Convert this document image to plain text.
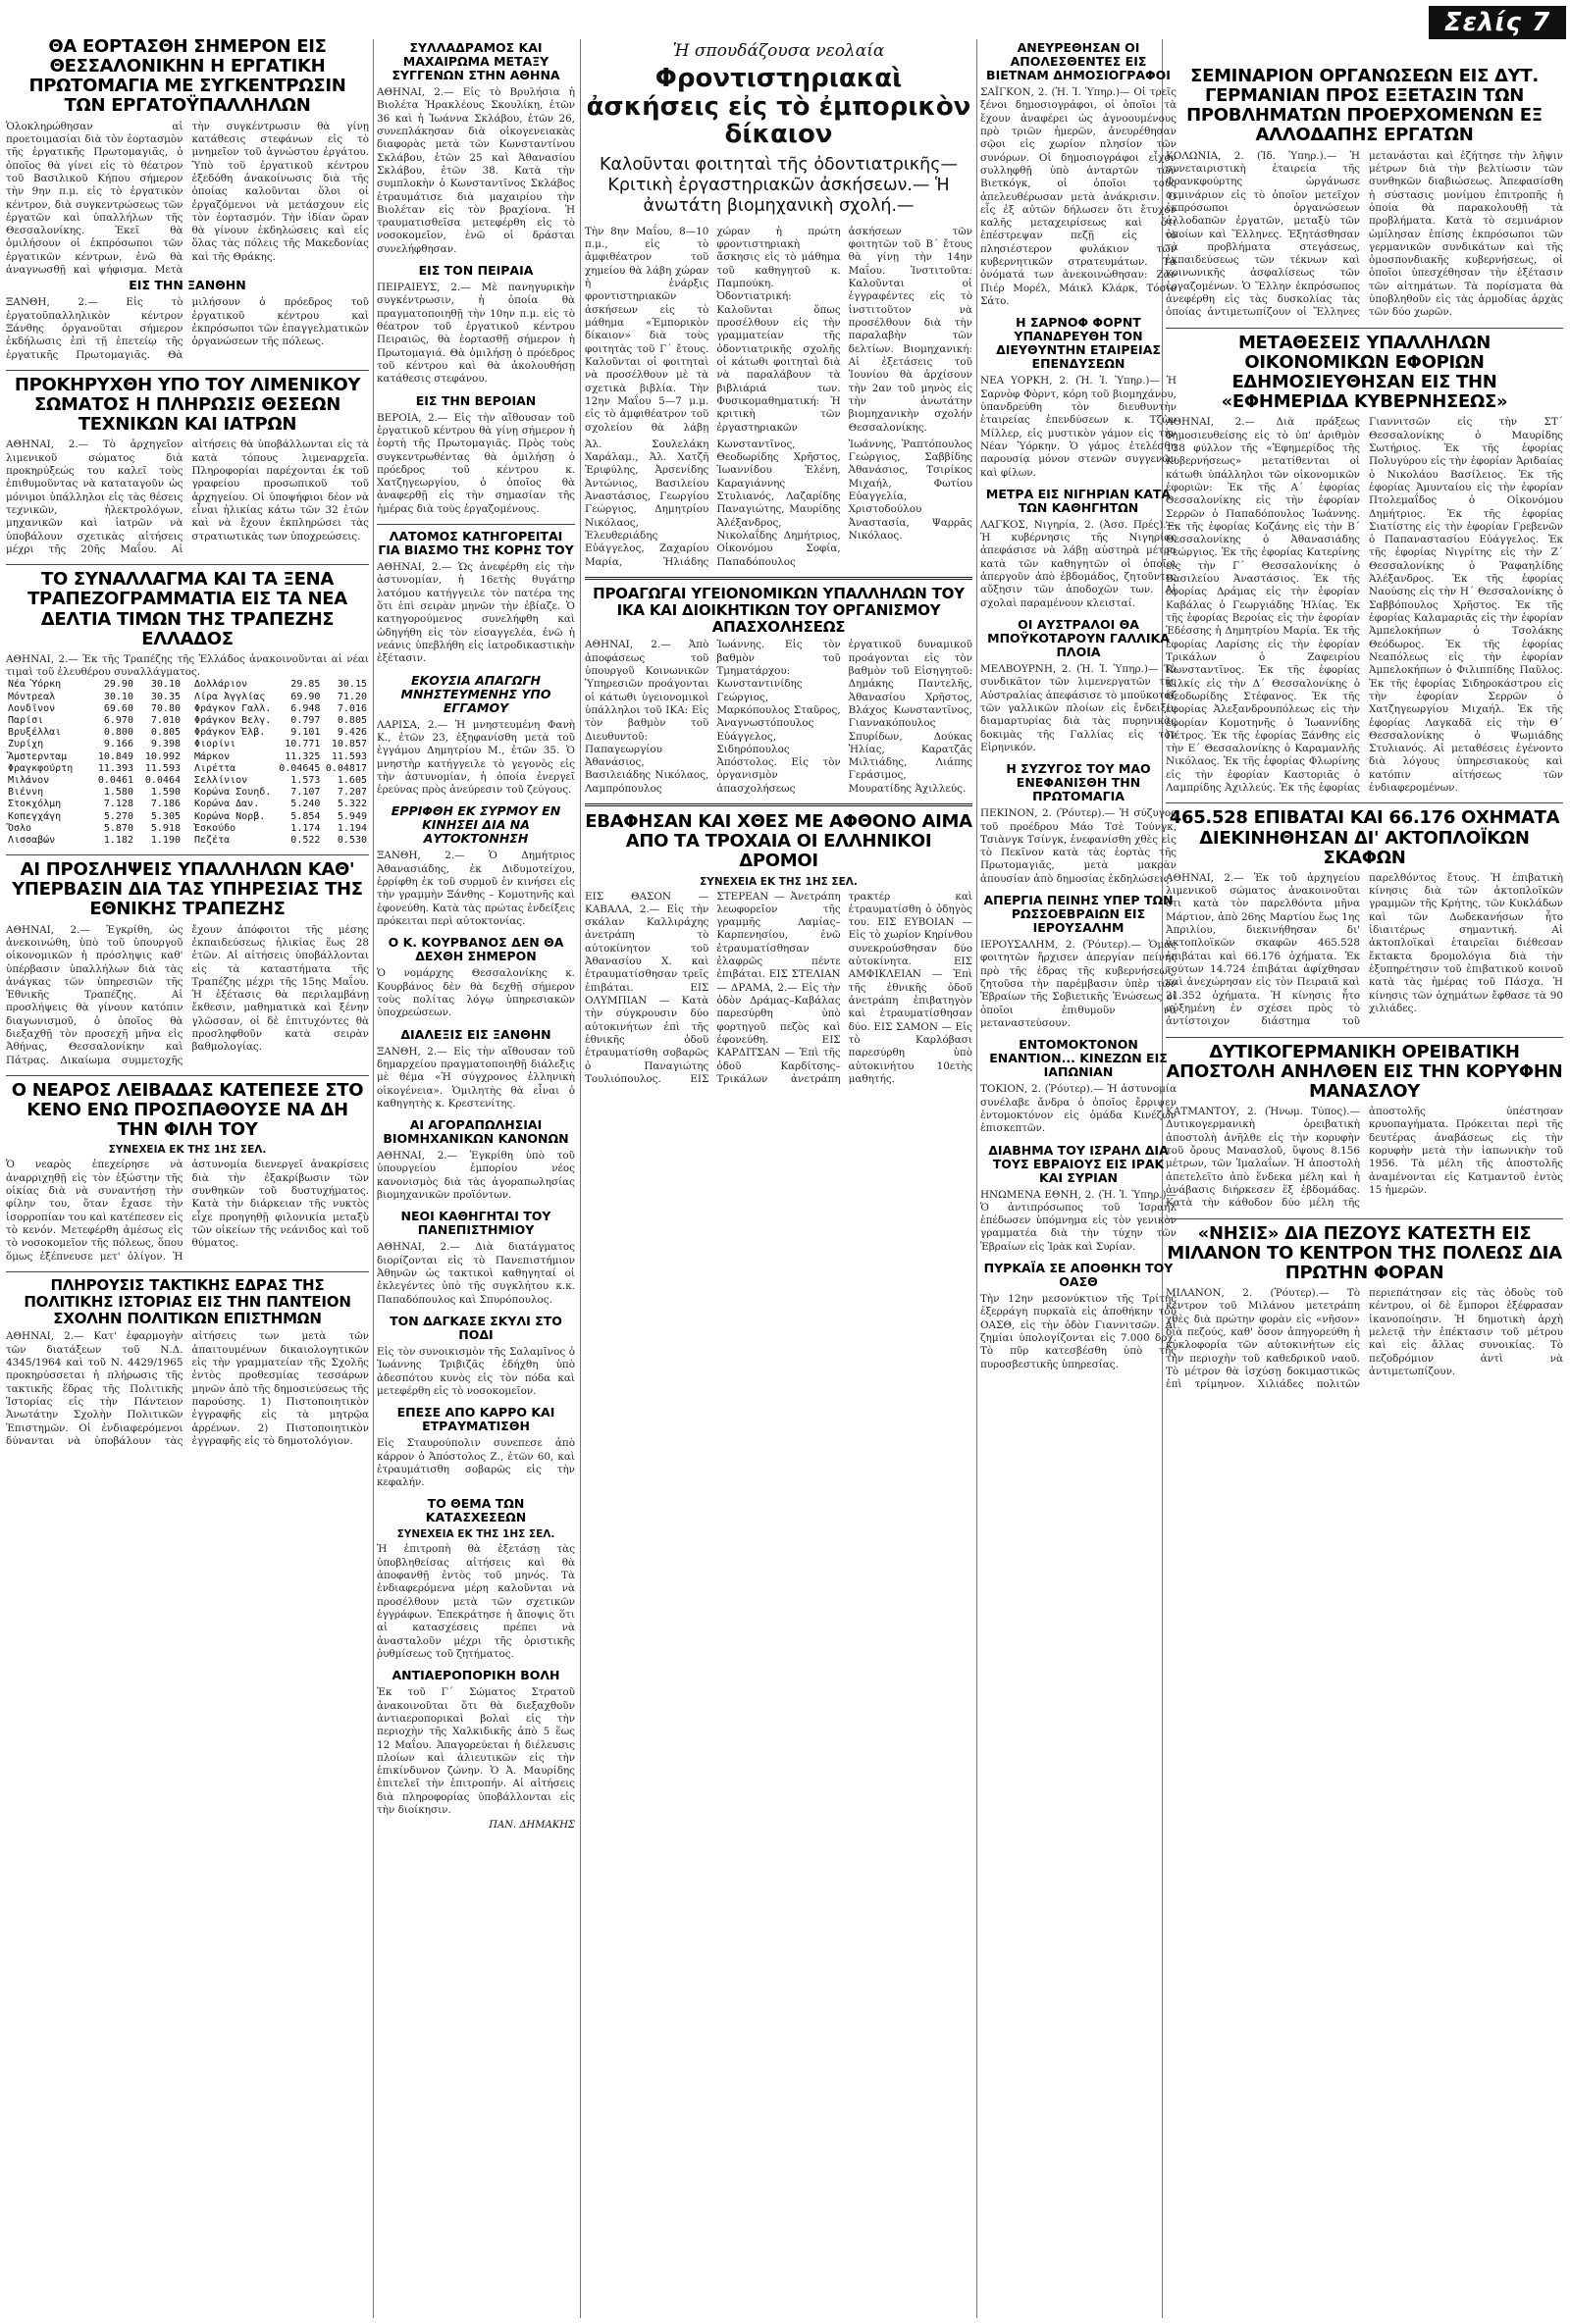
Σελίς 7
ΘΑ ΕΟΡΤΑΣΘΗ ΣΗΜΕΡΟΝ ΕΙΣ ΘΕΣΣΑΛΟΝΙΚΗΝ Η ΕΡΓΑΤΙΚΗ ΠΡΩΤΟΜΑΓΙΑ ΜΕ ΣΥΓΚΕΝΤΡΩΣΙΝ ΤΩΝ ΕΡΓΑΤΟΫΠΑΛΛΗΛΩΝ

Ὁλοκληρώθησαν αἱ προετοιμασίαι διὰ τὸν ἑορτασμὸν τῆς ἐργατικῆς Πρωτομαγιᾶς, ὁ ὁποῖος θὰ γίνει εἰς τὸ θέατρον τοῦ Βασιλικοῦ Κήπου σήμερον τὴν 9ην π.μ. εἰς τὸ ἐργατικὸν κέντρον, διὰ συγκεντρώσεως τῶν ἐργατῶν καὶ ὑπαλλήλων τῆς Θεσσαλονίκης. Ἐκεῖ θὰ ὁμιλήσουν οἱ ἐκπρόσωποι τῶν ἐργατικῶν κέντρων, ἐνῶ θὰ ἀναγνωσθῇ καὶ ψήφισμα. Μετὰ τὴν συγκέντρωσιν θὰ γίνῃ κατάθεσις στεφάνων εἰς τὸ μνημεῖον τοῦ ἀγνώστου ἐργάτου. Ὑπὸ τοῦ ἐργατικοῦ κέντρου ἐξεδόθη ἀνακοίνωσις διὰ τῆς ὁποίας καλοῦνται ὅλοι οἱ ἐργαζόμενοι νὰ μετάσχουν εἰς τὸν ἑορτασμόν. Τὴν ἰδίαν ὥραν θὰ γίνουν ἐκδηλώσεις καὶ εἰς ὅλας τὰς πόλεις τῆς Μακεδονίας καὶ τῆς Θράκης.

ΕΙΣ ΤΗΝ ΞΑΝΘΗΝ

ΞΑΝΘΗ, 2.— Εἰς τὸ ἐργατοϋπαλληλικὸν κέντρον Ξάνθης ὀργανοῦται σήμερον ἐκδήλωσις ἐπὶ τῇ ἐπετείῳ τῆς ἐργατικῆς Πρωτομαγιᾶς. Θὰ μιλήσουν ὁ πρόεδρος τοῦ ἐργατικοῦ κέντρου καὶ ἐκπρόσωποι τῶν ἐπαγγελματικῶν ὀργανώσεων τῆς πόλεως.

ΠΡΟΚΗΡΥΧΘΗ ΥΠΟ ΤΟΥ ΛΙΜΕΝΙΚΟΥ ΣΩΜΑΤΟΣ Η ΠΛΗΡΩΣΙΣ ΘΕΣΕΩΝ ΤΕΧΝΙΚΩΝ ΚΑΙ ΙΑΤΡΩΝ

ΑΘΗΝΑΙ, 2.— Τὸ ἀρχηγεῖον λιμενικοῦ σώματος διὰ προκηρύξεώς του καλεῖ τοὺς ἐπιθυμοῦντας νὰ καταταγοῦν ὡς μόνιμοι ὑπάλληλοι εἰς τὰς θέσεις τεχνικῶν, ἠλεκτρολόγων, μηχανικῶν καὶ ἰατρῶν νὰ ὑποβάλουν σχετικὰς αἰτήσεις μέχρι τῆς 20ῆς Μαΐου. Αἱ αἰτήσεις θὰ ὑποβάλλωνται εἰς τὰ κατὰ τόπους λιμεναρχεῖα. Πληροφορίαι παρέχονται ἐκ τοῦ γραφείου προσωπικοῦ τοῦ ἀρχηγείου. Οἱ ὑποψήφιοι δέον νὰ εἶναι ἡλικίας κάτω τῶν 32 ἐτῶν καὶ νὰ ἔχουν ἐκπληρώσει τὰς στρατιωτικὰς των ὑποχρεώσεις.

ΤΟ ΣΥΝΑΛΛΑΓΜΑ ΚΑΙ ΤΑ ΞΕΝΑ ΤΡΑΠΕΖΟΓΡΑΜΜΑΤΙΑ ΕΙΣ ΤΑ ΝΕΑ ΔΕΛΤΙΑ ΤΙΜΩΝ ΤΗΣ ΤΡΑΠΕΖΗΣ ΕΛΛΑΔΟΣ

ΑΘΗΝΑΙ, 2.— Ἐκ τῆς Τραπέζης τῆς Ἑλλάδος ἀνακοινοῦνται αἱ νέαι τιμαὶ τοῦ ἐλευθέρου συναλλάγματος.

Νέα Ὑόρκη	29.90	30.10
Μόντρεαλ	30.10	30.35
Λονδῖνον	69.60	70.80
Παρίσι	6.970	7.010
Βρυξέλλαι	0.800	0.805
Ζυρίχη	9.166	9.398
Ἄμστερνταμ	10.849	10.992
Φραγκφούρτη	11.393	11.593
Μιλάνον	0.0461	0.0464
Βιέννη	1.580	1.590
Στοκχόλμη	7.128	7.186
Κοπεγχάγη	5.270	5.305
Ὄσλο	5.870	5.918
Λισσαβών	1.182	1.190
Δολλάριον	29.85	30.15
Λίρα Ἀγγλίας	69.90	71.20
Φράγκον Γαλλ.	6.948	7.016
Φράγκον Βελγ.	0.797	0.805
Φράγκον Ἑλβ.	9.101	9.426
Φιορίνι	10.771	10.857
Μάρκον	11.325	11.593
Λιρέττα	0.04645	0.04817
Σελλίνιον	1.573	1.605
Κορώνα Σουηδ.	7.107	7.207
Κορώνα Δαν.	5.240	5.322
Κορώνα Νορβ.	5.854	5.949
Ἐσκούδο	1.174	1.194
Πεζέτα	0.522	0.530
ΑΙ ΠΡΟΣΛΗΨΕΙΣ ΥΠΑΛΛΗΛΩΝ ΚΑΘ' ΥΠΕΡΒΑΣΙΝ ΔΙΑ ΤΑΣ ΥΠΗΡΕΣΙΑΣ ΤΗΣ ΕΘΝΙΚΗΣ ΤΡΑΠΕΖΗΣ

ΑΘΗΝΑΙ, 2.— Ἐγκρίθη, ὡς ἀνεκοινώθη, ὑπὸ τοῦ ὑπουργοῦ οἰκονομικῶν ἡ πρόσληψις καθ' ὑπέρβασιν ὑπαλλήλων διὰ τὰς ἀνάγκας τῶν ὑπηρεσιῶν τῆς Ἐθνικῆς Τραπέζης. Αἱ προσλήψεις θὰ γίνουν κατόπιν διαγωνισμοῦ, ὁ ὁποῖος θὰ διεξαχθῇ τὸν προσεχῆ μῆνα εἰς Ἀθήνας, Θεσσαλονίκην καὶ Πάτρας. Δικαίωμα συμμετοχῆς ἔχουν ἀπόφοιτοι τῆς μέσης ἐκπαιδεύσεως ἡλικίας ἕως 28 ἐτῶν. Αἱ αἰτήσεις ὑποβάλλονται εἰς τὰ καταστήματα τῆς Τραπέζης μέχρι τῆς 15ης Μαΐου. Ἡ ἐξέτασις θὰ περιλαμβάνῃ ἔκθεσιν, μαθηματικὰ καὶ ξένην γλῶσσαν, οἱ δὲ ἐπιτυχόντες θὰ προσληφθοῦν κατὰ σειρὰν βαθμολογίας.

Ο ΝΕΑΡΟΣ ΛΕΙΒΑΔΑΣ ΚΑΤΕΠΕΣΕ ΣΤΟ ΚΕΝΟ ΕΝΩ ΠΡΟΣΠΑΘΟΥΣΕ ΝΑ ΔΗ ΤΗΝ ΦΙΛΗ ΤΟΥ
ΣΥΝΕΧΕΙΑ ΕΚ ΤΗΣ 1ΗΣ ΣΕΛ.

Ὁ νεαρὸς ἐπεχείρησε νὰ ἀναρριχηθῇ εἰς τὸν ἐξώστην τῆς οἰκίας διὰ νὰ συναντήσῃ τὴν φίλην του, ὅταν ἔχασε τὴν ἰσορροπίαν του καὶ κατέπεσεν εἰς τὸ κενόν. Μετεφέρθη ἀμέσως εἰς τὸ νοσοκομεῖον τῆς πόλεως, ὅπου ὅμως ἐξέπνευσε μετ' ὀλίγον. Ἡ ἀστυνομία διενεργεῖ ἀνακρίσεις διὰ τὴν ἐξακρίβωσιν τῶν συνθηκῶν τοῦ δυστυχήματος. Κατὰ τὴν διάρκειαν τῆς νυκτὸς εἶχε προηγηθῇ φιλονικία μεταξὺ τῶν οἰκείων τῆς νεάνιδος καὶ τοῦ θύματος.

ΠΛΗΡΟΥΣΙΣ ΤΑΚΤΙΚΗΣ ΕΔΡΑΣ ΤΗΣ ΠΟΛΙΤΙΚΗΣ ΙΣΤΟΡΙΑΣ ΕΙΣ ΤΗΝ ΠΑΝΤΕΙΟΝ ΣΧΟΛΗΝ ΠΟΛΙΤΙΚΩΝ ΕΠΙΣΤΗΜΩΝ

ΑΘΗΝΑΙ, 2.— Κατ' ἐφαρμογὴν τῶν διατάξεων τοῦ Ν.Δ. 4345/1964 καὶ τοῦ Ν. 4429/1965 προκηρύσσεται ἡ πλήρωσις τῆς τακτικῆς ἕδρας τῆς Πολιτικῆς Ἱστορίας εἰς τὴν Πάντειον Ἀνωτάτην Σχολὴν Πολιτικῶν Ἐπιστημῶν. Οἱ ἐνδιαφερόμενοι δύνανται νὰ ὑποβάλουν τὰς αἰτήσεις των μετὰ τῶν ἀπαιτουμένων δικαιολογητικῶν εἰς τὴν γραμματείαν τῆς Σχολῆς ἐντὸς προθεσμίας τεσσάρων μηνῶν ἀπὸ τῆς δημοσιεύσεως τῆς παρούσης. 1) Πιστοποιητικὸν ἐγγραφῆς εἰς τὰ μητρῷα ἀρρένων. 2) Πιστοποιητικὸν ἐγγραφῆς εἰς τὸ δημοτολόγιον.

ΣΥΛΛΑΔΡΑΜΟΣ ΚΑΙ ΜΑΧΑΙΡΩΜΑ ΜΕΤΑΞΥ ΣΥΓΓΕΝΩΝ ΣΤΗΝ ΑΘΗΝΑ

ΑΘΗΝΑΙ, 2.— Εἰς τὸ Βρυλήσια ἡ Βιολέτα Ἡρακλέους Σκουλίκη, ἐτῶν 36 καὶ ἡ Ἰωάννα Σκλάβου, ἐτῶν 26, συνεπλάκησαν διὰ οἰκογενειακὰς διαφορὰς μετὰ τῶν Κωνσταντίνου Σκλάβου, ἐτῶν 25 καὶ Ἀθανασίου Σκλάβου, ἐτῶν 38. Κατὰ τὴν συμπλοκὴν ὁ Κωνσταντῖνος Σκλάβος ἐτραυμάτισε διὰ μαχαιρίου τὴν Βιολέταν εἰς τὸν βραχίονα. Ἡ τραυματισθεῖσα μετεφέρθη εἰς τὸ νοσοκομεῖον, ἐνῶ οἱ δράσται συνελήφθησαν.

ΕΙΣ ΤΟΝ ΠΕΙΡΑΙΑ

ΠΕΙΡΑΙΕΥΣ, 2.— Μὲ πανηγυρικὴν συγκέντρωσιν, ἡ ὁποία θὰ πραγματοποιηθῇ τὴν 10ην π.μ. εἰς τὸ θέατρον τοῦ ἐργατικοῦ κέντρου Πειραιῶς, θὰ ἑορτασθῇ σήμερον ἡ Πρωτομαγιά. Θὰ ὁμιλήσῃ ὁ πρόεδρος τοῦ κέντρου καὶ θὰ ἀκολουθήσῃ κατάθεσις στεφάνου.

ΕΙΣ ΤΗΝ ΒΕΡΟΙΑΝ

ΒΕΡΟΙΑ, 2.— Εἰς τὴν αἴθουσαν τοῦ ἐργατικοῦ κέντρου θὰ γίνῃ σήμερον ἡ ἑορτὴ τῆς Πρωτομαγιᾶς. Πρὸς τοὺς συγκεντρωθέντας θὰ ὁμιλήσῃ ὁ πρόεδρος τοῦ κέντρου κ. Χατζηγεωργίου, ὁ ὁποῖος θὰ ἀναφερθῇ εἰς τὴν σημασίαν τῆς ἡμέρας διὰ τοὺς ἐργαζομένους.

ΛΑΤΟΜΟΣ ΚΑΤΗΓΟΡΕΙΤΑΙ ΓΙΑ ΒΙΑΣΜΟ ΤΗΣ ΚΟΡΗΣ ΤΟΥ

ΑΘΗΝΑΙ, 2.— Ὡς ἀνεφέρθη εἰς τὴν ἀστυνομίαν, ἡ 16ετὴς θυγάτηρ λατόμου κατήγγειλε τὸν πατέρα της ὅτι ἐπὶ σειρὰν μηνῶν τὴν ἐβίαζε. Ὁ κατηγορούμενος συνελήφθη καὶ ὡδηγήθη εἰς τὸν εἰσαγγελέα, ἐνῶ ἡ νεάνις ὑπεβλήθη εἰς ἰατροδικαστικὴν ἐξέτασιν.

ΕΚΟΥΣΙΑ ΑΠΑΓΩΓΗ ΜΝΗΣΤΕΥΜΕΝΗΣ ΥΠΟ ΕΓΓΑΜΟΥ

ΛΑΡΙΣΑ, 2.— Ἡ μνηστευμένη Φανὴ Κ., ἐτῶν 23, ἐξηφανίσθη μετὰ τοῦ ἐγγάμου Δημητρίου Μ., ἐτῶν 35. Ὁ μνηστὴρ κατήγγειλε τὸ γεγονὸς εἰς τὴν ἀστυνομίαν, ἡ ὁποία ἐνεργεῖ ἐρεύνας πρὸς ἀνεύρεσιν τοῦ ζεύγους.

ΕΡΡΙΦΘΗ ΕΚ ΣΥΡΜΟΥ ΕΝ ΚΙΝΗΣΕΙ ΔΙΑ ΝΑ ΑΥΤΟΚΤΟΝΗΣΗ

ΞΑΝΘΗ, 2.— Ὁ Δημήτριος Ἀθανασιάδης, ἐκ Διδυμοτείχου, ἐρρίφθη ἐκ τοῦ συρμοῦ ἐν κινήσει εἰς τὴν γραμμὴν Ξάνθης – Κομοτηνῆς καὶ ἐφονεύθη. Κατὰ τὰς πρώτας ἐνδείξεις πρόκειται περὶ αὐτοκτονίας.

Ο Κ. ΚΟΥΡΒΑΝΟΣ ΔΕΝ ΘΑ ΔΕΧΘΗ ΣΗΜΕΡΟΝ

Ὁ νομάρχης Θεσσαλονίκης κ. Κουρβάνος δὲν θὰ δεχθῇ σήμερον τοὺς πολίτας λόγῳ ὑπηρεσιακῶν ὑποχρεώσεων.

ΔΙΑΛΕΞΙΣ ΕΙΣ ΞΑΝΘΗΝ

ΞΑΝΘΗ, 2.— Εἰς τὴν αἴθουσαν τοῦ δημαρχείου πραγματοποιηθῇ διάλεξις μὲ θέμα «Ἡ σύγχρονος ἑλληνικὴ οἰκογένεια». Ὁμιλητὴς θὰ εἶναι ὁ καθηγητὴς κ. Κρεστενίτης.

ΑΙ ΑΓΟΡΑΠΩΛΗΣΙΑΙ ΒΙΟΜΗΧΑΝΙΚΩΝ ΚΑΝΟΝΩΝ

ΑΘΗΝΑΙ, 2.— Ἐγκρίθη ὑπὸ τοῦ ὑπουργείου ἐμπορίου νέος κανονισμὸς διὰ τὰς ἀγοραπωλησίας βιομηχανικῶν προϊόντων.

ΝΕΟΙ ΚΑΘΗΓΗΤΑΙ ΤΟΥ ΠΑΝΕΠΙΣΤΗΜΙΟΥ

ΑΘΗΝΑΙ, 2.— Διὰ διατάγματος διορίζονται εἰς τὸ Πανεπιστήμιον Ἀθηνῶν ὡς τακτικοὶ καθηγηταί οἱ ἐκλεγέντες ὑπὸ τῆς συγκλήτου κ.κ. Παπαδόπουλος καὶ Σπυρόπουλος.

ΤΟΝ ΔΑΓΚΑΣΕ ΣΚΥΛΙ ΣΤΟ ΠΟΔΙ

Εἰς τὸν συνοικισμὸν τῆς Σαλαμῖνος ὁ Ἰωάννης Τριβιζᾶς ἐδήχθη ὑπὸ ἀδεσπότου κυνὸς εἰς τὸν πόδα καὶ μετεφέρθη εἰς τὸ νοσοκομεῖον.

ΕΠΕΣΕ ΑΠΟ ΚΑΡΡΟ ΚΑΙ ΕΤΡΑΥΜΑΤΙΣΘΗ

Εἰς Σταυρούπολιν συνεπεσε ἀπὸ κάρρον ὁ Ἀπόστολος Ζ., ἐτῶν 60, καὶ ἐτραυμάτισθη σοβαρῶς εἰς τὴν κεφαλήν.

ΤΟ ΘΕΜΑ ΤΩΝ ΚΑΤΑΣΧΕΣΕΩΝ
ΣΥΝΕΧΕΙΑ ΕΚ ΤΗΣ 1ΗΣ ΣΕΛ.

Ἡ ἐπιτροπὴ θὰ ἐξετάσῃ τὰς ὑποβληθείσας αἰτήσεις καὶ θὰ ἀποφανθῇ ἐντὸς τοῦ μηνός. Τὰ ἐνδιαφερόμενα μέρη καλοῦνται νὰ προσέλθουν μετὰ τῶν σχετικῶν ἐγγράφων. Ἐπεκράτησε ἡ ἄποψις ὅτι αἱ κατασχέσεις πρέπει νὰ ἀνασταλοῦν μέχρι τῆς ὁριστικῆς ῥυθμίσεως τοῦ ζητήματος.

ΑΝΤΙΑΕΡΟΠΟΡΙΚΗ ΒΟΛΗ

Ἐκ τοῦ Γ΄ Σώματος Στρατοῦ ἀνακοινοῦται ὅτι θὰ διεξαχθοῦν ἀντιαεροπορικαὶ βολαὶ εἰς τὴν περιοχὴν τῆς Χαλκιδικῆς ἀπὸ 5 ἕως 12 Μαΐου. Ἀπαγορεύεται ἡ διέλευσις πλοίων καὶ ἁλιευτικῶν εἰς τὴν ἐπικίνδυνον ζώνην. Ὁ Ἀ. Μαυρίδης ἐπιτελεῖ τὴν ἐπιτροπήν. Αἱ αἰτήσεις διὰ πληροφορίας ὑποβάλλονται εἰς τὴν διοίκησιν.

ΠΑΝ. ΔΗΜΑΚΗΣ
Ἡ σπουδάζουσα νεολαία
Φροντιστηριακαὶ ἀσκήσεις εἰς τὸ ἐμπορικὸν δίκαιον
Καλοῦνται φοιτηταὶ τῆς ὀδοντιατρικῆς— Κριτικὴ ἐργαστηριακῶν ἀσκήσεων.— Ἡ ἀνωτάτη βιομηχανικὴ σχολή.—

Τὴν 8ην Μαΐου, 8—10 π.μ., εἰς τὸ ἀμφιθέατρον τοῦ χημείου θὰ λάβη χώραν ἡ ἐνάρξις φροντιστηριακῶν ἀσκήσεων εἰς τὸ μάθημα «Ἐμπορικὸν δίκαιον» διὰ τοὺς φοιτητὰς τοῦ Γ΄ ἔτους. Καλοῦνται οἱ φοιτηταὶ νὰ προσέλθουν μὲ τὰ σχετικὰ βιβλία. Τὴν 12ην Μαΐου 5—7 μ.μ. εἰς τὸ ἀμφιθέατρον τοῦ σχολείου θὰ λάβῃ χώραν ἡ πρώτη φροντιστηριακὴ ἄσκησις εἰς τὸ μάθημα τοῦ καθηγητοῦ κ. Παμπούκη. Ὀδοντιατρική: Καλοῦνται ὅπως προσέλθουν εἰς τὴν γραμματείαν τῆς ὀδοντιατρικῆς σχολῆς οἱ κάτωθι φοιτηταὶ διὰ νὰ παραλάβουν τὰ βιβλιάριά των. Φυσικομαθηματική: Ἡ κριτικὴ τῶν ἐργαστηριακῶν ἀσκήσεων τῶν φοιτητῶν τοῦ Β΄ ἔτους θὰ γίνῃ τὴν 14ην Μαΐου. Ἰνστιτοῦτα: Καλοῦνται οἱ ἐγγραφέντες εἰς τὸ ἰνστιτοῦτον νὰ προσέλθουν διὰ τὴν παραλαβὴν τῶν δελτίων. Βιομηχανική: Αἱ ἐξετάσεις τοῦ Ἰουνίου θὰ ἀρχίσουν τὴν 2αν τοῦ μηνὸς εἰς τὴν ἀνωτάτην βιομηχανικὴν σχολήν Θεσσαλονίκης.

Ἀλ. Σουλελάκη Χαράλαμ., Ἀλ. Χατζῆ Ἐριφύλης, Ἀρσενίδης Ἀντώνιος, Βασιλείου Ἀναστάσιος, Γεωργίου Γεώργιος, Δημητρίου Νικόλαος, Ἐλευθεριάδης Εὐάγγελος, Ζαχαρίου Μαρία, Ἠλιάδης Κωνσταντῖνος, Θεοδωρίδης Χρῆστος, Ἰωαννίδου Ἑλένη, Καραγιάννης Στυλιανός, Λαζαρίδης Παναγιώτης, Μαυρίδης Ἀλέξανδρος, Νικολαΐδης Δημήτριος, Οἰκονόμου Σοφία, Παπαδόπουλος Ἰωάννης, Ῥαπτόπουλος Γεώργιος, Σαββίδης Ἀθανάσιος, Τσιρίκος Μιχαήλ, Φωτίου Εὐαγγελία, Χριστοδούλου Ἀναστασία, Ψαρρᾶς Νικόλαος.

ΠΡΟΑΓΩΓΑΙ ΥΓΕΙΟΝΟΜΙΚΩΝ ΥΠΑΛΛΗΛΩΝ ΤΟΥ ΙΚΑ ΚΑΙ ΔΙΟΙΚΗΤΙΚΩΝ ΤΟΥ ΟΡΓΑΝΙΣΜΟΥ ΑΠΑΣΧΟΛΗΣΕΩΣ

ΑΘΗΝΑΙ, 2.— Ἀπὸ ἀποφάσεως τοῦ ὑπουργοῦ Κοινωνικῶν Ὑπηρεσιῶν προάγονται οἱ κάτωθι ὑγειονομικοὶ ὑπάλληλοι τοῦ ΙΚΑ: Εἰς τὸν βαθμὸν τοῦ Διευθυντοῦ: Παπαγεωργίου Ἀθανάσιος, Βασιλειάδης Νικόλαος, Λαμπρόπουλος Ἰωάννης. Εἰς τὸν βαθμὸν τοῦ Τμηματάρχου: Κωνσταντινίδης Γεώργιος, Μαρκόπουλος Σταῦρος, Ἀναγνωστόπουλος Εὐάγγελος, Σιδηρόπουλος Ἀπόστολος. Εἰς τὸν ὀργανισμὸν ἀπασχολήσεως ἐργατικοῦ δυναμικοῦ προάγονται εἰς τὸν βαθμὸν τοῦ Εἰσηγητοῦ: Δημάκης Παντελῆς, Ἀθανασίου Χρῆστος, Βλάχος Κωνσταντῖνος, Γιαννακόπουλος Σπυρίδων, Δούκας Ἠλίας, Καρατζᾶς Μιλτιάδης, Λιάπης Γεράσιμος, Μουρατίδης Ἀχιλλεύς.

ΕΒΑΦΗΣΑΝ ΚΑΙ ΧΘΕΣ ΜΕ ΑΦΘΟΝΟ ΑΙΜΑ ΑΠΟ ΤΑ ΤΡΟΧΑΙΑ ΟΙ ΕΛΛΗΝΙΚΟΙ ΔΡΟΜΟΙ
ΣΥΝΕΧΕΙΑ ΕΚ ΤΗΣ 1ΗΣ ΣΕΛ.

ΕΙΣ ΘΑΣΟΝ — ΚΑΒΑΛΑ, 2.— Εἰς τὴν σκάλαν Καλλιράχης ἀνετράπη τὸ αὐτοκίνητον τοῦ Ἀθανασίου Χ. καὶ ἐτραυματίσθησαν τρεῖς ἐπιβάται. ΕΙΣ ΟΛΥΜΠΙΑΝ — Κατὰ τὴν σύγκρουσιν δύο αὐτοκινήτων ἐπὶ τῆς ἐθνικῆς ὁδοῦ ἐτραυματίσθη σοβαρῶς ὁ Παναγιώτης Τουλιόπουλος. ΕΙΣ ΣΤΕΡΕΑΝ — Ἀνετράπη λεωφορεῖον τῆς γραμμῆς Λαμίας–Καρπενησίου, ἐνῶ ἐτραυματίσθησαν ἐλαφρῶς πέντε ἐπιβάται. ΕΙΣ ΣΤΕΛΙΑΝ — ΔΡΑΜΑ, 2.— Εἰς τὴν ὁδὸν Δράμας–Καβάλας παρεσύρθη ὑπὸ φορτηγοῦ πεζὸς καὶ ἐφονεύθη. ΕΙΣ ΚΑΡΔΙΤΣΑΝ — Ἐπὶ τῆς ὁδοῦ Καρδίτσης–Τρικάλων ἀνετράπη τρακτέρ καὶ ἐτραυματίσθη ὁ ὁδηγὸς του. ΕΙΣ ΕΥΒΟΙΑΝ — Εἰς τὸ χωρίον Κηρίνθου συνεκρούσθησαν δύο αὐτοκίνητα. ΕΙΣ ΑΜΦΙΚΛΕΙΑΝ — Ἐπὶ τῆς ἐθνικῆς ὁδοῦ ἀνετράπη ἐπιβατηγὸν καὶ ἐτραυματίσθησαν δύο. ΕΙΣ ΣΑΜΟΝ — Εἰς τὸ Καρλόβασι παρεσύρθη ὑπὸ αὐτοκινήτου 10ετὴς μαθητής.

ΑΝΕΥΡΕΘΗΣΑΝ ΟΙ ΑΠΟΛΕΣΘΕΝΤΕΣ ΕΙΣ ΒΙΕΤΝΑΜ ΔΗΜΟΣΙΟΓΡΑΦΟΙ

ΣΑΪΓΚΟΝ, 2. (Ἡ. Ἰ. Ὑπηρ.)— Οἱ τρεῖς ξένοι δημοσιογράφοι, οἱ ὁποῖοι τὰ ἔχουν ἀναφέρει ὡς ἀγνοουμένους πρὸ τριῶν ἡμερῶν, ἀνευρέθησαν σῷοι εἰς χωρίον πλησίον τῶν συνόρων. Οἱ δημοσιογράφοι εἶχον συλληφθῇ ὑπὸ ἀνταρτῶν τῶν Βιετκόγκ, οἱ ὁποῖοι τοὺς ἀπελευθέρωσαν μετὰ ἀνάκρισιν. Ὁ εἷς ἐξ αὐτῶν δήλωσεν ὅτι ἔτυχον καλῆς μεταχειρίσεως καὶ ὅτι ἐπέστρεψαν πεζῇ εἰς τὸ πλησιέστερον φυλάκιον τῶν κυβερνητικῶν στρατευμάτων. Τὰ ὀνόματά των ἀνεκοινώθησαν: Ζὰν Πιέρ Μορέλ, Μάικλ Κλάρκ, Τόσιο Σάτο.

Η ΣΑΡΝΟΦ ΦΟΡΝΤ ΥΠΑΝΔΡΕΥΘΗ ΤΟΝ ΔΙΕΥΘΥΝΤΗΝ ΕΤΑΙΡΕΙΑΣ ΕΠΕΝΔΥΣΕΩΝ

ΝΕΑ ΥΟΡΚΗ, 2. (Ἡ. Ἰ. Ὑπηρ.)— Ἡ Σαρνὸφ Φὸρντ, κόρη τοῦ βιομηχάνου, ὑπανδρεύθη τὸν διευθυντὴν ἑταιρείας ἐπενδύσεων κ. Τζὼν Μίλλερ, εἰς μυστικὸν γάμον εἰς τὴν Νέαν Ὑόρκην. Ὁ γάμος ἐτελέσθη παρουσίᾳ μόνον στενῶν συγγενῶν καὶ φίλων.

ΜΕΤΡΑ ΕΙΣ ΝΙΓΗΡΙΑΝ ΚΑΤΑ ΤΩΝ ΚΑΘΗΓΗΤΩΝ

ΛΑΓΚΟΣ, Νιγηρία, 2. (Ἀσσ. Πρές).— Ἡ κυβέρνησις τῆς Νιγηρίας ἀπεφάσισε νὰ λάβῃ αὐστηρὰ μέτρα κατὰ τῶν καθηγητῶν οἱ ὁποῖοι ἀπεργοῦν ἀπὸ ἑβδομάδος, ζητοῦντες αὔξησιν τῶν ἀποδοχῶν των. Αἱ σχολαὶ παραμένουν κλεισταί.

ΟΙ ΑΥΣΤΡΑΛΟΙ ΘΑ ΜΠΟΫΚΟΤΑΡΟΥΝ ΓΑΛΛΙΚΑ ΠΛΟΙΑ

ΜΕΛΒΟΥΡΝΗ, 2. (Ἡ. Ἰ. Ὑπηρ.)— Τὸ συνδικᾶτον τῶν λιμενεργατῶν τῆς Αὐστραλίας ἀπεφάσισε τὸ μποϋκοτάζ τῶν γαλλικῶν πλοίων εἰς ἔνδειξιν διαμαρτυρίας διὰ τὰς πυρηνικὰς δοκιμὰς τῆς Γαλλίας εἰς τὸν Εἰρηνικόν.

Η ΣΥΖΥΓΟΣ ΤΟΥ ΜΑΟ ΕΝΕΦΑΝΙΣΘΗ ΤΗΝ ΠΡΩΤΟΜΑΓΙΑ

ΠΕΚΙΝΟΝ, 2. (Ῥόυτερ).— Ἡ σύζυγος τοῦ προέδρου Μάο Τσὲ Τούνγκ, Τσιὰνγκ Τσίνγκ, ἐνεφανίσθη χθὲς εἰς τὸ Πεκῖνον κατὰ τὰς ἑορτὰς τῆς Πρωτομαγιᾶς, μετὰ μακρὰν ἀπουσίαν ἀπὸ δημοσίας ἐκδηλώσεις.

ΑΠΕΡΓΙΑ ΠΕΙΝΗΣ ΥΠΕΡ ΤΩΝ ΡΩΣΣΟΕΒΡΑΙΩΝ ΕΙΣ ΙΕΡΟΥΣΑΛΗΜ

ΙΕΡΟΥΣΑΛΗΜ, 2. (Ῥόυτερ).— Ὁμὰς φοιτητῶν ἤρχισεν ἀπεργίαν πείνης πρὸ τῆς ἑδρας τῆς κυβερνήσεως, ζητοῦσα τὴν παρέμβασιν ὑπὲρ τῶν Ἑβραίων τῆς Σοβιετικῆς Ἑνώσεως οἱ ὁποῖοι ἐπιθυμοῦν νὰ μεταναστεύσουν.

ΕΝΤΟΜΟΚΤΟΝΟΝ ΕΝΑΝΤΙΟΝ... ΚΙΝΕΖΩΝ ΕΙΣ ΙΑΠΩΝΙΑΝ

ΤΟΚΙΟΝ, 2. (Ῥόυτερ).— Ἡ ἀστυνομία συνέλαβε ἄνδρα ὁ ὁποῖος ἔρριψεν ἐντομοκτόνον εἰς ὁμάδα Κινέζων ἐπισκεπτῶν.

ΔΙΑΒΗΜΑ ΤΟΥ ΙΣΡΑΗΛ ΔΙΑ ΤΟΥΣ ΕΒΡΑΙΟΥΣ ΕΙΣ ΙΡΑΚ ΚΑΙ ΣΥΡΙΑΝ

ΗΝΩΜΕΝΑ ΕΘΝΗ, 2. (Ἡ. Ἰ. Ὑπηρ.)— Ὁ ἀντιπρόσωπος τοῦ Ἰσραὴλ ἐπέδωσεν ὑπόμνημα εἰς τὸν γενικὸν γραμματέα διὰ τὴν τύχην τῶν Ἑβραίων εἰς Ἰρὰκ καὶ Συρίαν.

ΠΥΡΚΑΪΑ ΣΕ ΑΠΟΘΗΚΗ ΤΟΥ ΟΑΣΘ

Τὴν 12ην μεσονύκτιον τῆς Τρίτης ἐξερράγη πυρκαϊὰ εἰς ἀποθήκην τοῦ ΟΑΣΘ, εἰς τὴν ὁδὸν Γιαννιτσῶν. Αἱ ζημίαι ὑπολογίζονται εἰς 7.000 δρχ. Τὸ πῦρ κατεσβέσθη ὑπὸ τῆς πυροσβεστικῆς ὑπηρεσίας.

ΣΕΜΙΝΑΡΙΟΝ ΟΡΓΑΝΩΣΕΩΝ ΕΙΣ ΔΥΤ. ΓΕΡΜΑΝΙΑΝ ΠΡΟΣ ΕΞΕΤΑΣΙΝ ΤΩΝ ΠΡΟΒΛΗΜΑΤΩΝ ΠΡΟΕΡΧΟΜΕΝΩΝ ΕΞ ΑΛΛΟΔΑΠΗΣ ΕΡΓΑΤΩΝ

ΚΟΛΩΝΙΑ, 2. (Ἰδ. Ὑπηρ.).— Ἡ συνεταιριστικὴ ἑταιρεία τῆς Φρανκφούρτης ὠργάνωσε σεμινάριον εἰς τὸ ὁποῖον μετεῖχον ἐκπρόσωποι ὀργανώσεων ἀλλοδαπῶν ἐργατῶν, μεταξὺ τῶν ὁποίων καὶ Ἕλληνες. Ἐξητάσθησαν τὰ προβλήματα στεγάσεως, ἐκπαιδεύσεως τῶν τέκνων καὶ κοινωνικῆς ἀσφαλίσεως τῶν ἐργαζομένων. Ὁ Ἕλλην ἐκπρόσωπος ἀνεφέρθη εἰς τὰς δυσκολίας τὰς ὁποίας ἀντιμετωπίζουν οἱ Ἕλληνες μετανάσται καὶ ἐζήτησε τὴν λῆψιν μέτρων διὰ τὴν βελτίωσιν τῶν συνθηκῶν διαβιώσεως. Ἀπεφασίσθη ἡ σύστασις μονίμου ἐπιτροπῆς ἡ ὁποία θὰ παρακολουθῇ τὰ προβλήματα. Κατὰ τὸ σεμινάριον ὡμίλησαν ἐπίσης ἐκπρόσωποι τῶν γερμανικῶν συνδικάτων καὶ τῆς ὁμοσπονδιακῆς κυβερνήσεως, οἱ ὁποῖοι ὑπεσχέθησαν τὴν ἐξέτασιν τῶν αἰτημάτων. Τὰ πορίσματα θὰ ὑποβληθοῦν εἰς τὰς ἁρμοδίας ἀρχὰς τῶν δύο χωρῶν.

ΜΕΤΑΘΕΣΕΙΣ ΥΠΑΛΛΗΛΩΝ ΟΙΚΟΝΟΜΙΚΩΝ ΕΦΟΡΙΩΝ ΕΔΗΜΟΣΙΕΥΘΗΣΑΝ ΕΙΣ ΤΗΝ «ΕΦΗΜΕΡΙΔΑ ΚΥΒΕΡΝΗΣΕΩΣ»

ΑΘΗΝΑΙ, 2.— Διὰ πράξεως δημοσιευθείσης εἰς τὸ ὑπ' ἀριθμὸν 138 φύλλον τῆς «Ἐφημερίδος τῆς Κυβερνήσεως» μετατίθενται οἱ κάτωθι ὑπάλληλοι τῶν οἰκονομικῶν ἐφοριῶν: Ἐκ τῆς Α΄ ἐφορίας Θεσσαλονίκης εἰς τὴν ἐφορίαν Σερρῶν ὁ Παπαδόπουλος Ἰωάννης. Ἐκ τῆς ἐφορίας Κοζάνης εἰς τὴν Β΄ Θεσσαλονίκης ὁ Ἀθανασιάδης Γεώργιος. Ἐκ τῆς ἐφορίας Κατερίνης εἰς τὴν Γ΄ Θεσσαλονίκης ὁ Βασιλείου Ἀναστάσιος. Ἐκ τῆς ἐφορίας Δράμας εἰς τὴν ἐφορίαν Καβάλας ὁ Γεωργιάδης Ἠλίας. Ἐκ τῆς ἐφορίας Βεροίας εἰς τὴν ἐφορίαν Ἐδέσσης ἡ Δημητρίου Μαρία. Ἐκ τῆς ἐφορίας Λαρίσης εἰς τὴν ἐφορίαν Τρικάλων ὁ Ζαφειρίου Κωνσταντῖνος. Ἐκ τῆς ἐφορίας Κιλκίς εἰς τὴν Δ΄ Θεσσαλονίκης ὁ Θεοδωρίδης Στέφανος. Ἐκ τῆς ἐφορίας Ἀλεξανδρουπόλεως εἰς τὴν ἐφορίαν Κομοτηνῆς ὁ Ἰωαννίδης Πέτρος. Ἐκ τῆς ἐφορίας Ξάνθης εἰς τὴν Ε΄ Θεσσαλονίκης ὁ Καραμανλῆς Νικόλαος. Ἐκ τῆς ἐφορίας Φλωρίνης εἰς τὴν ἐφορίαν Καστοριᾶς ὁ Λαμπρίδης Ἀχιλλεύς. Ἐκ τῆς ἐφορίας Γιαννιτσῶν εἰς τὴν ΣΤ΄ Θεσσαλονίκης ὁ Μαυρίδης Σωτήριος. Ἐκ τῆς ἐφορίας Πολυγύρου εἰς τὴν ἐφορίαν Ἀριδαίας ὁ Νικολάου Βασίλειος. Ἐκ τῆς ἐφορίας Ἀμυνταίου εἰς τὴν ἐφορίαν Πτολεμαΐδος ὁ Οἰκονόμου Δημήτριος. Ἐκ τῆς ἐφορίας Σιατίστης εἰς τὴν ἐφορίαν Γρεβενῶν ὁ Παπαναστασίου Εὐάγγελος. Ἐκ τῆς ἐφορίας Νιγρίτης εἰς τὴν Ζ΄ Θεσσαλονίκης ὁ Ῥαφαηλίδης Ἀλέξανδρος. Ἐκ τῆς ἐφορίας Ναούσης εἰς τὴν Η΄ Θεσσαλονίκης ὁ Σαββόπουλος Χρῆστος. Ἐκ τῆς ἐφορίας Καλαμαριᾶς εἰς τὴν ἐφορίαν Ἀμπελοκήπων ὁ Τσολάκης Θεόδωρος. Ἐκ τῆς ἐφορίας Νεαπόλεως εἰς τὴν ἐφορίαν Ἀμπελοκήπων ὁ Φιλιππίδης Παῦλος. Ἐκ τῆς ἐφορίας Σιδηροκάστρου εἰς τὴν ἐφορίαν Σερρῶν ὁ Χατζηγεωργίου Μιχαήλ. Ἐκ τῆς ἐφορίας Λαγκαδᾶ εἰς τὴν Θ΄ Θεσσαλονίκης ὁ Ψωμιάδης Στυλιανός. Αἱ μεταθέσεις ἐγένοντο διὰ λόγους ὑπηρεσιακοὺς καὶ κατόπιν αἰτήσεως τῶν ἐνδιαφερομένων.

465.528 ΕΠΙΒΑΤΑΙ ΚΑΙ 66.176 ΟΧΗΜΑΤΑ ΔΙΕΚΙΝΗΘΗΣΑΝ ΔΙ' ΑΚΤΟΠΛΟΪΚΩΝ ΣΚΑΦΩΝ

ΑΘΗΝΑΙ, 2.— Ἐκ τοῦ ἀρχηγείου λιμενικοῦ σώματος ἀνακοινοῦται ὅτι κατὰ τὸν παρελθόντα μῆνα Μάρτιον, ἀπὸ 26ης Μαρτίου ἕως 1ης Ἀπριλίου, διεκινήθησαν δι' ἀκτοπλοϊκῶν σκαφῶν 465.528 ἐπιβάται καὶ 66.176 ὀχήματα. Ἐκ τούτων 14.724 ἐπιβάται ἀφίχθησαν καὶ ἀνεχώρησαν εἰς τὸν Πειραιᾶ καὶ 21.352 ὀχήματα. Ἡ κίνησις ἦτο αὐξημένη ἐν σχέσει πρὸς τὸ ἀντίστοιχον διάστημα τοῦ παρελθόντος ἔτους. Ἡ ἐπιβατικὴ κίνησις διὰ τῶν ἀκτοπλοϊκῶν γραμμῶν τῆς Κρήτης, τῶν Κυκλάδων καὶ τῶν Δωδεκανήσων ἦτο ἰδιαιτέρως σημαντική. Αἱ ἀκτοπλοϊκαὶ ἑταιρεῖαι διέθεσαν ἔκτακτα δρομολόγια διὰ τὴν ἐξυπηρέτησιν τοῦ ἐπιβατικοῦ κοινοῦ κατὰ τὰς ἡμέρας τοῦ Πάσχα. Ἡ κίνησις τῶν ὀχημάτων ἔφθασε τὰ 90 χιλιάδες.

ΔΥΤΙΚΟΓΕΡΜΑΝΙΚΗ ΟΡΕΙΒΑΤΙΚΗ ΑΠΟΣΤΟΛΗ ΑΝΗΛΘΕΝ ΕΙΣ ΤΗΝ ΚΟΡΥΦΗΝ ΜΑΝΑΣΛΟΥ

ΚΑΤΜΑΝΤΟΥ, 2. (Ἡνωμ. Τύπος).— Δυτικογερμανικὴ ὀρειβατικὴ ἀποστολὴ ἀνῆλθε εἰς τὴν κορυφὴν τοῦ ὄρους Μανασλοῦ, ὕψους 8.156 μέτρων, τῶν Ἱμαλαΐων. Ἡ ἀποστολὴ ἀπετελεῖτο ἀπὸ ἕνδεκα μέλη καὶ ἡ ἀνάβασις διήρκεσεν ἕξ ἑβδομάδας. Κατὰ τὴν κάθοδον δύο μέλη τῆς ἀποστολῆς ὑπέστησαν κρυοπαγήματα. Πρόκειται περὶ τῆς δευτέρας ἀναβάσεως εἰς τὴν κορυφὴν μετὰ τὴν ἰαπωνικὴν τοῦ 1956. Τὰ μέλη τῆς ἀποστολῆς ἀναμένονται εἰς Κατμαντοῦ ἐντὸς 15 ἡμερῶν.

«ΝΗΣΙΣ» ΔΙΑ ΠΕΖΟΥΣ ΚΑΤΕΣΤΗ ΕΙΣ ΜΙΛΑΝΟΝ ΤΟ ΚΕΝΤΡΟΝ ΤΗΣ ΠΟΛΕΩΣ ΔΙΑ ΠΡΩΤΗΝ ΦΟΡΑΝ

ΜΙΛΑΝΟΝ, 2. (Ῥόυτερ).— Τὸ κέντρον τοῦ Μιλάνου μετετράπη χθὲς διὰ πρώτην φορὰν εἰς «νῆσον» διὰ πεζούς, καθ' ὅσον ἀπηγορεύθη ἡ κυκλοφορία τῶν αὐτοκινήτων εἰς τὴν περιοχὴν τοῦ καθεδρικοῦ ναοῦ. Τὸ μέτρον θὰ ἰσχύσῃ δοκιμαστικῶς ἐπὶ τρίμηνον. Χιλιάδες πολιτῶν περιεπάτησαν εἰς τὰς ὁδοὺς τοῦ κέντρου, οἱ δὲ ἔμποροι ἐξέφρασαν ἱκανοποίησιν. Ἡ δημοτικὴ ἀρχὴ μελετᾷ τὴν ἐπέκτασιν τοῦ μέτρου καὶ εἰς ἄλλας συνοικίας. Τὸ πεζοδρόμιον ἀντὶ νὰ ἀντιμετωπίζουν.
